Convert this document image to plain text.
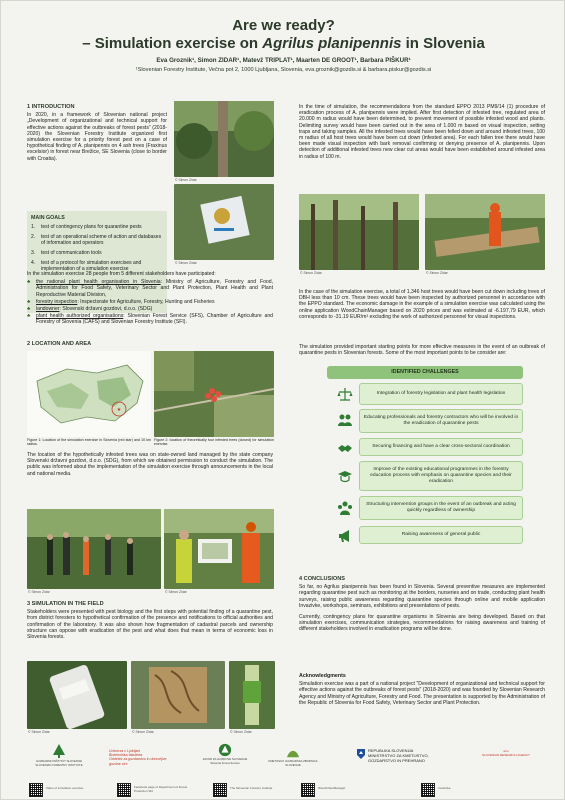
Are we ready?
– Simulation exercise on Agrilus planipennis in Slovenia
Eva Groznik¹, Simon ZIDAR¹, Matevž TRIPLAT¹, Maarten DE GROOT¹, Barbara PIŠKUR¹
¹Slovenian Forestry Institute, Večna pot 2, 1000 Ljubljana, Slovenia, eva.groznik@gozdis.si & barbara.piskur@gozdis.si
1 INTRODUCTION
In 2020, in a framework of Slovenian national project „Development of organizational and technical support for effective actions against the outbreaks of forest pests” (2018-2020) the Slovenian Forestry Institute organized first simulation exercise for a priority forest pest on a case of hypothetical finding of A. planipennis on 4 ash trees (Fraxinus excelsior) in forest near Brežice, SE Slovenia (close to border with Croatia).
© Simon Zidar
© Simon Zidar
MAIN GOALS
1.	test of contingency plans for quarantine pests
2.	test of an operational scheme of action and databases of information and operators
3.	test of communication tools
4.	test of a protocol for simulation exercises and implementation of a simulation exercise
In the simulation exercise 28 people from 5 different stakeholders have participated:
♣	the national plant health organisation in Slovenia: Ministry of Agriculture, Forestry and Food, Administration for Food Safety, Veterinary Sector and Plant Protection, Plant Health and Plant Reproductive Material Division,
♣	forestry inspection: Inspectorate for Agriculture, Forestry, Hunting and Fisheries
♣	landowner: Slovenski državni gozdovi, d.o.o. (SDG)
♣	plant health authorized organisations: Slovenian Forest Service (SFS), Chamber of Agriculture and Forestry of Slovenia (CAFS) and Slovenian Forestry Institute (SFI).
2 LOCATION AND AREA
★
Figure 1: Location of the simulation exercise in Slovenia (red star) and 10 km radius.
Figure 2: location of theoretically four infested trees (closed) for simulation exercise.
The location of the hypothetically infested trees was on state-owned land managed by the state company Slovenski državni gozdovi, d.o.o. (SDG), from which we obtained permission to conduct the simulation. The public was informed about the implementation of the simulation exercise through announcements in the local and national media.
© Simon Zidar	© Simon Zidar
3 SIMULATION IN THE FIELD
Stakeholders were presented with pest biology and the first steps with potential finding of a quarantine pest, from district foresters to hypothetical confirmation of the presence and notifications to official authorities and confirmation of the laboratory. It was also shown how fragmentation of cadastral parcels and ownership structure can oppose with eradication of the pest and what does that mean in terms of economic loss in Slovenia forests.
© Simon Zidar	© Simon Zidar	© Simon Zidar
In the time of simulation, the recommendations from the standard EPPO 2013 PM9/14 (1) procedure of eradication process of A. planipennis were implied. After first detection of infested tree, regulated area of 20.000 m radius would have been determined, to prevent movement of possible infested wood and plants. Delimiting survey would have been carried out in the area of 1.000 m based on visual inspection, setting traps and taking samples. All the infested trees would have been felled down and around infested trees, 100 m radius of all host trees would have been cut down (infested area). For each fallen tree there would have been made visual inspection with bark removal confirming or denying presence of A. planipennis. Upon detection of additional infested trees new clear cut areas would have been established around infested area in radius of 100 m.
© Simon Zidar	© Simon Zidar
In the case of the simulation exercise, a total of 1,346 host trees would have been cut down including trees of DBH less than 10 cm. These trees would have been inspected by authorized personnel in accordance with the EPPO standard. The economic damage in the example of a simulation exercise was calculated using the online application WoodChainManager based on 2020 prices and was estimated at -6.197,79 EUR, which corresponds to -31.19 EUR/m³ excluding the work of authorized personnel for visual inspections.
The simulation provided important starting points for more effective measures in the event of an outbreak of quarantine pests in Slovenian forests. Some of the most important points to be consider are:
IDENTIFIED CHALLENGES
Integration of forestry legislation and plant health legislation
Educating professionals and forestry contractors who will be involved in the eradication of quarantine pests
Securing financing and have a clear cross-sectoral coordination
Improve of the existing educational programmes in the forestry education process with emphasis on quarantine species and their eradication
Structuring intervention groups in the event of an outbreak and acting quickly regardless of ownership
Raising awareness of general public
4 CONCLUSIONS
So far, no Agrilus planipennis has been found in Slovenia. Several preventive measures are implemented regarding quarantine pest such as monitoring at the borders, nurseries and on trade, conducting plant health surveys, raising public awareness regarding quarantine species through online and mobile application Invazivke, workshops, seminars, exhibitions and presentations of pests.
Currently, contingency plans for quarantine organisms in Slovenia are being developed. Based on that simulation exercises, communication strategies, recommendations for raising awareness and training of different stakeholders involved in eradication programs will be done.
Acknowledgments
Simulation exercise was a part of a national project "Development of organizational and technical support for effective actions against the outbreaks of forest pests" (2018-2020) and was founded by Slovenian Research Agency and Ministry of Agriculture, Forestry and Food. The presentation is supported by the Administration of the Republic of Slovenia for Food Safety, Veterinary Sector and Plant Protection.
GOZDARSKI INŠTITUT SLOVENIJE
SLOVENIAN FORESTRY INSTITUTE
Univerza v Ljubljani
Biotehniška fakulteta
Oddelek za gozdarstvo in obnovljive gozdne vire
ZAVOD ZA GOZDOVE SLOVENIJE
Slovenia Forest Service	KMETIJSKO GOZDARSKA ZBORNICA SLOVENIJE
REPUBLIKA SLOVENIJA
MINISTRSTVO ZA KMETIJSTVO,
GOZDARSTVO IN PREHRANO
arrs
SLOVENIAN RESEARCH AGENCY
Video of simulation exercise	Facebook page of Department of Forest Protection SFI
The Slovenian Forestry Institute	WoodChainManager	Invazivke
